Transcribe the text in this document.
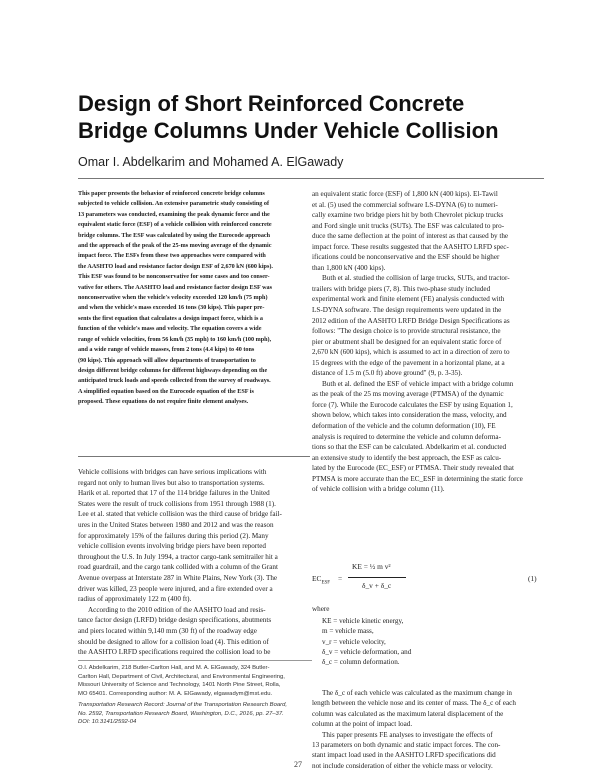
Design of Short Reinforced Concrete
Bridge Columns Under Vehicle Collision
Omar I. Abdelkarim and Mohamed A. ElGawady
This paper presents the behavior of reinforced concrete bridge columns
subjected to vehicle collision. An extensive parametric study consisting of
13 parameters was conducted, examining the peak dynamic force and the
equivalent static force (ESF) of a vehicle collision with reinforced concrete
bridge columns. The ESF was calculated by using the Eurocode approach
and the approach of the peak of the 25-ms moving average of the dynamic
impact force. The ESFs from these two approaches were compared with
the AASHTO load and resistance factor design ESF of 2,670 kN (600 kips).
This ESF was found to be nonconservative for some cases and too conser-
vative for others. The AASHTO load and resistance factor design ESF was
nonconservative when the vehicle's velocity exceeded 120 km/h (75 mph)
and when the vehicle's mass exceeded 16 tons (30 kips). This paper pre-
sents the first equation that calculates a design impact force, which is a
function of the vehicle's mass and velocity. The equation covers a wide
range of vehicle velocities, from 56 km/h (35 mph) to 160 km/h (100 mph),
and a wide range of vehicle masses, from 2 tons (4.4 kips) to 40 tons
(90 kips). This approach will allow departments of transportation to
design different bridge columns for different highways depending on the
anticipated truck loads and speeds collected from the survey of roadways.
A simplified equation based on the Eurocode equation of the ESF is
proposed. These equations do not require finite element analyses.
Vehicle collisions with bridges can have serious implications with
regard not only to human lives but also to transportation systems.
Harik et al. reported that 17 of the 114 bridge failures in the United
States were the result of truck collisions from 1951 through 1988 (1).
Lee et al. stated that vehicle collision was the third cause of bridge fail-
ures in the United States between 1980 and 2012 and was the reason
for approximately 15% of the failures during this period (2). Many
vehicle collision events involving bridge piers have been reported
throughout the U.S. In July 1994, a tractor cargo-tank semitrailer hit a
road guardrail, and the cargo tank collided with a column of the Grant
Avenue overpass at Interstate 287 in White Plains, New York (3). The
driver was killed, 23 people were injured, and a fire extended over a
radius of approximately 122 m (400 ft).
According to the 2010 edition of the AASHTO load and resis-
tance factor design (LRFD) bridge design specifications, abutments
and piers located within 9,140 mm (30 ft) of the roadway edge
should be designed to allow for a collision load (4). This edition of
the AASHTO LRFD specifications required the collision load to be
O.I. Abdelkarim, 218 Butler-Carlton Hall, and M. A. ElGawady, 324 Butler-
Carlton Hall, Department of Civil, Architectural, and Environmental Engineering,
Missouri University of Science and Technology, 1401 North Pine Street, Rolla,
MO 65401. Corresponding author: M. A. ElGawady, elgawadym@mst.edu.
Transportation Research Record: Journal of the Transportation Research Board,
No. 2592, Transportation Research Board, Washington, D.C., 2016, pp. 27–37.
DOI: 10.3141/2592-04
an equivalent static force (ESF) of 1,800 kN (400 kips). El-Tawil
et al. (5) used the commercial software LS-DYNA (6) to numeri-
cally examine two bridge piers hit by both Chevrolet pickup trucks
and Ford single unit trucks (SUTs). The ESF was calculated to pro-
duce the same deflection at the point of interest as that caused by the
impact force. These results suggested that the AASHTO LRFD spec-
ifications could be nonconservative and the ESF should be higher
than 1,800 kN (400 kips).
Buth et al. studied the collision of large trucks, SUTs, and tractor-
trailers with bridge piers (7, 8). This two-phase study included
experimental work and finite element (FE) analysis conducted with
LS-DYNA software. The design requirements were updated in the
2012 edition of the AASHTO LRFD Bridge Design Specifications as
follows: "The design choice is to provide structural resistance, the
pier or abutment shall be designed for an equivalent static force of
2,670 kN (600 kips), which is assumed to act in a direction of zero to
15 degrees with the edge of the pavement in a horizontal plane, at a
distance of 1.5 m (5.0 ft) above ground" (9, p. 3-35).
Buth et al. defined the ESF of vehicle impact with a bridge column
as the peak of the 25 ms moving average (PTMSA) of the dynamic
force (7). While the Eurocode calculates the ESF by using Equation 1,
shown below, which takes into consideration the mass, velocity, and
deformation of the vehicle and the column deformation (10), FE
analysis is required to determine the vehicle and column deforma-
tions so that the ESF can be calculated. Abdelkarim et al. conducted
an extensive study to identify the best approach, the ESF as calcu-
lated by the Eurocode (EC_ESF) or PTMSA. Their study revealed that
PTMSA is more accurate than the EC_ESF in determining the static force
of vehicle collision with a bridge column (11).
$EC_{ESF}$ =
KE = ½ m v²
δ_v + δ_c
(1)
where
KE = vehicle kinetic energy,
m = vehicle mass,
v_r = vehicle velocity,
δ_v = vehicle deformation, and
δ_c = column deformation.
The δ_c of each vehicle was calculated as the maximum change in
length between the vehicle nose and its center of mass. The δ_c of each
column was calculated as the maximum lateral displacement of the
column at the point of impact load.
This paper presents FE analyses to investigate the effects of
13 parameters on both dynamic and static impact forces. The con-
stant impact load used in the AASHTO LRFD specifications did
not include consideration of either the vehicle mass or velocity.
27
